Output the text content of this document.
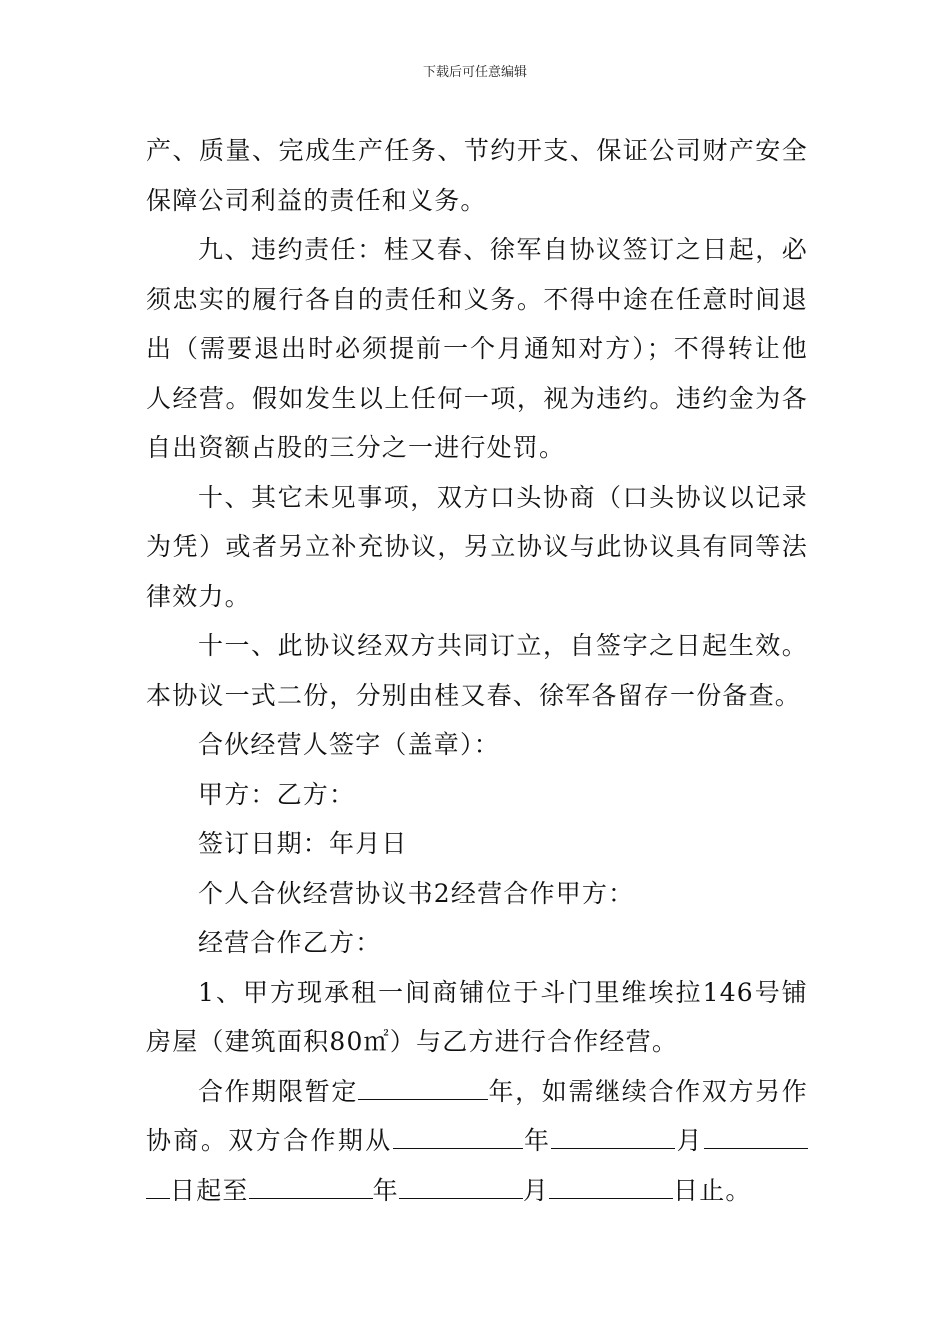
下载后可任意编辑

产、质量、完成生产任务、节约开支、保证公司财产安全保障公司利益的责任和义务。

九、违约责任：桂又春、徐军自协议签订之日起，必须忠实的履行各自的责任和义务。不得中途在任意时间退出（需要退出时必须提前一个月通知对方）；不得转让他人经营。假如发生以上任何一项，视为违约。违约金为各自出资额占股的三分之一进行处罚。

十、其它未见事项，双方口头协商（口头协议以记录为凭）或者另立补充协议，另立协议与此协议具有同等法律效力。

十一、此协议经双方共同订立，自签字之日起生效。本协议一式二份，分别由桂又春、徐军各留存一份备查。

合伙经营人签字（盖章）：

甲方：乙方：

签订日期：年月日

个人合伙经营协议书2经营合作甲方：

经营合作乙方：

1、甲方现承租一间商铺位于斗门里维埃拉146号铺房屋（建筑面积80㎡）与乙方进行合作经营。

合作期限暂定	年，如需继续合作双方另作协商。双方合作期从	年	月日起至	年	月	日止。
